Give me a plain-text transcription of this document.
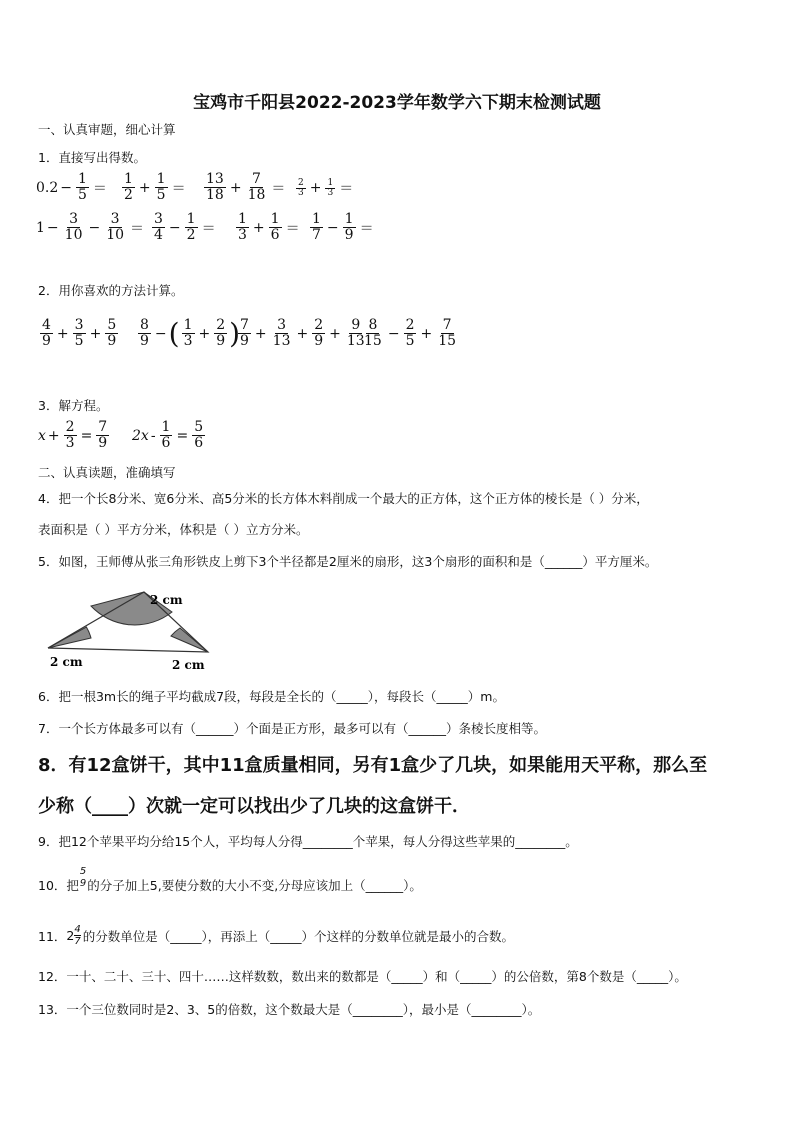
宝鸡市千阳县2022-2023学年数学六下期末检测试题
一、认真审题，细心计算
1．直接写出得数。
$0.2 - \frac{1}{5} = \frac{1}{2} + \frac{1}{5} = \frac{13}{18} + \frac{7}{18} = \frac{2}{3} + \frac{1}{3}$ ＝
$1 - \frac{3}{10} - \frac{3}{10} = \frac{3}{4} - \frac{1}{2} = \frac{1}{3} + \frac{1}{6} = \frac{1}{7} - \frac{1}{9}$ ＝
2．用你喜欢的方法计算。
$\frac{4}{9} + \frac{3}{5} + \frac{5}{9} \frac{8}{9}$ − ( $\frac{1}{3} + \frac{2}{9}$ )
$\frac{7}{9} + \frac{3}{13} + \frac{2}{9} + \frac{9}{13}$
$\frac{8}{15} - \frac{2}{5} + \frac{7}{15}$
3．解方程。
$x + \frac{2}{3} = \frac{7}{9} 2x - \frac{1}{6} = \frac{5}{6}$
二、认真读题，准确填写
4．把一个长8分米、宽6分米、高5分米的长方体木料削成一个最大的正方体，这个正方体的棱长是（ ）分米，
表面积是（ ）平方分米，体积是（ ）立方分米。
5．如图，王师傅从张三角形铁皮上剪下3个半径都是2厘米的扇形，这3个扇形的面积和是（______）平方厘米。
2 cm
2 cm	2 cm
6．把一根3m长的绳子平均截成7段，每段是全长的（_____），每段长（_____）m。
7．一个长方体最多可以有（______）个面是正方形，最多可以有（______）条棱长度相等。
8．有12盒饼干，其中11盒质量相同，另有1盒少了几块，如果能用天平称，那么至
少称（____）次就一定可以找出少了几块的这盒饼干．
9．把12个苹果平均分给15个人，平均每人分得________个苹果，每人分得这些苹果的________。
10．把
5
9 的分子加上5,要使分数的大小不变,分母应该加上（______）。
11． 2 4
7 的分数单位是（_____），再添上（_____）个这样的分数单位就是最小的合数。
12．一十、二十、三十、四十……这样数数，数出来的数都是（_____）和（_____）的公倍数，第8个数是（_____）。
13．一个三位数同时是2、3、5的倍数，这个数最大是（________），最小是（________）。
